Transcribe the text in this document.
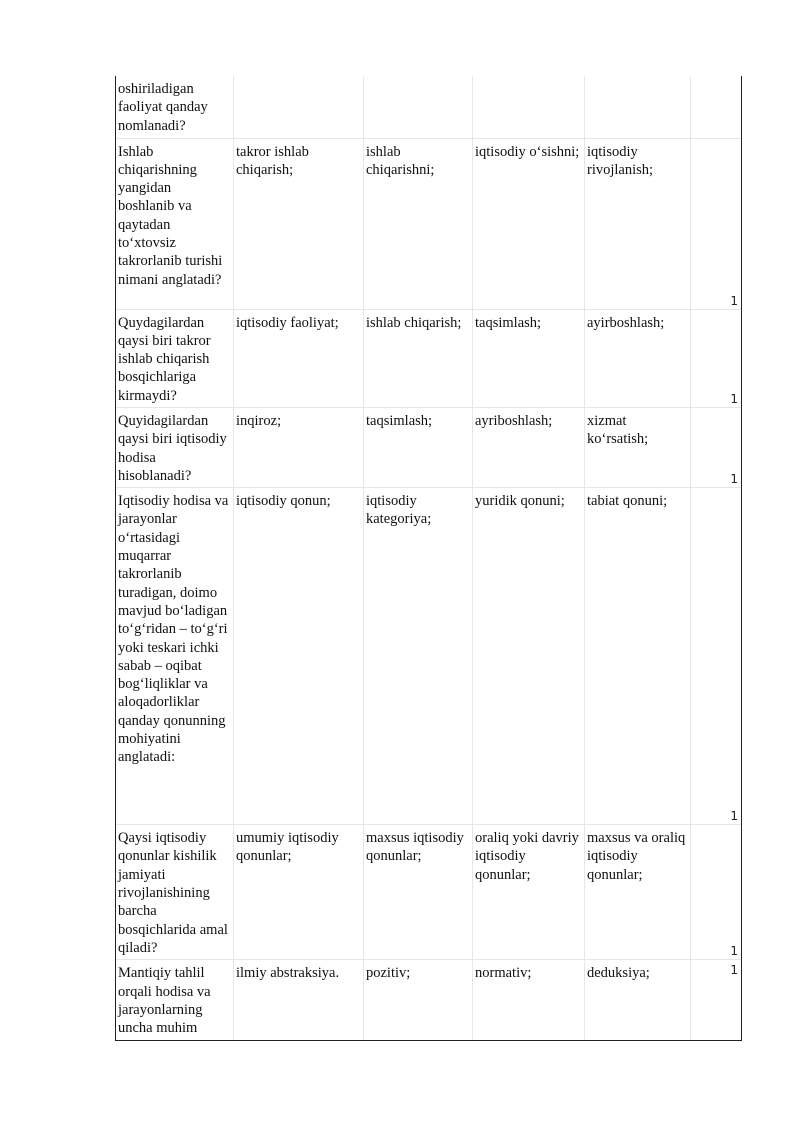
oshiriladigan faoliyat qanday nomlanadi?					

Ishlab chiqarishning yangidan boshlanib va qaytadan to‘xtovsiz takrorlanib turishi nimani anglatadi?	takror ishlab chiqarish;	ishlab chiqarishni;	iqtisodiy o‘sishni;	iqtisodiy rivojlanish;	1

Quydagilardan qaysi biri takror ishlab chiqarish bosqichlariga kirmaydi?	iqtisodiy faoliyat;	ishlab chiqarish;	taqsimlash;	ayirboshlash;	1

Quyidagilardan qaysi biri iqtisodiy hodisa hisoblanadi?	inqiroz;	taqsimlash;	ayriboshlash;	xizmat ko‘rsatish;	1

Iqtisodiy hodisa va jarayonlar o‘rtasidagi muqarrar takrorlanib turadigan, doimo mavjud bo‘ladigan to‘g‘ridan – to‘g‘ri yoki teskari ichki sabab – oqibat bog‘liqliklar va aloqadorliklar qanday qonunning mohiyatini anglatadi:	iqtisodiy qonun;	iqtisodiy kategoriya;	yuridik qonuni;	tabiat qonuni;	1

Qaysi iqtisodiy qonunlar kishilik jamiyati rivojlanishining barcha bosqichlarida amal qiladi?	umumiy iqtisodiy qonunlar;	maxsus iqtisodiy qonunlar;	oraliq yoki davriy iqtisodiy qonunlar;	maxsus va oraliq iqtisodiy qonunlar;	1

Mantiqiy tahlil orqali hodisa va jarayonlarning uncha muhim	ilmiy abstraksiya.	pozitiv;	normativ;	deduksiya;	1
